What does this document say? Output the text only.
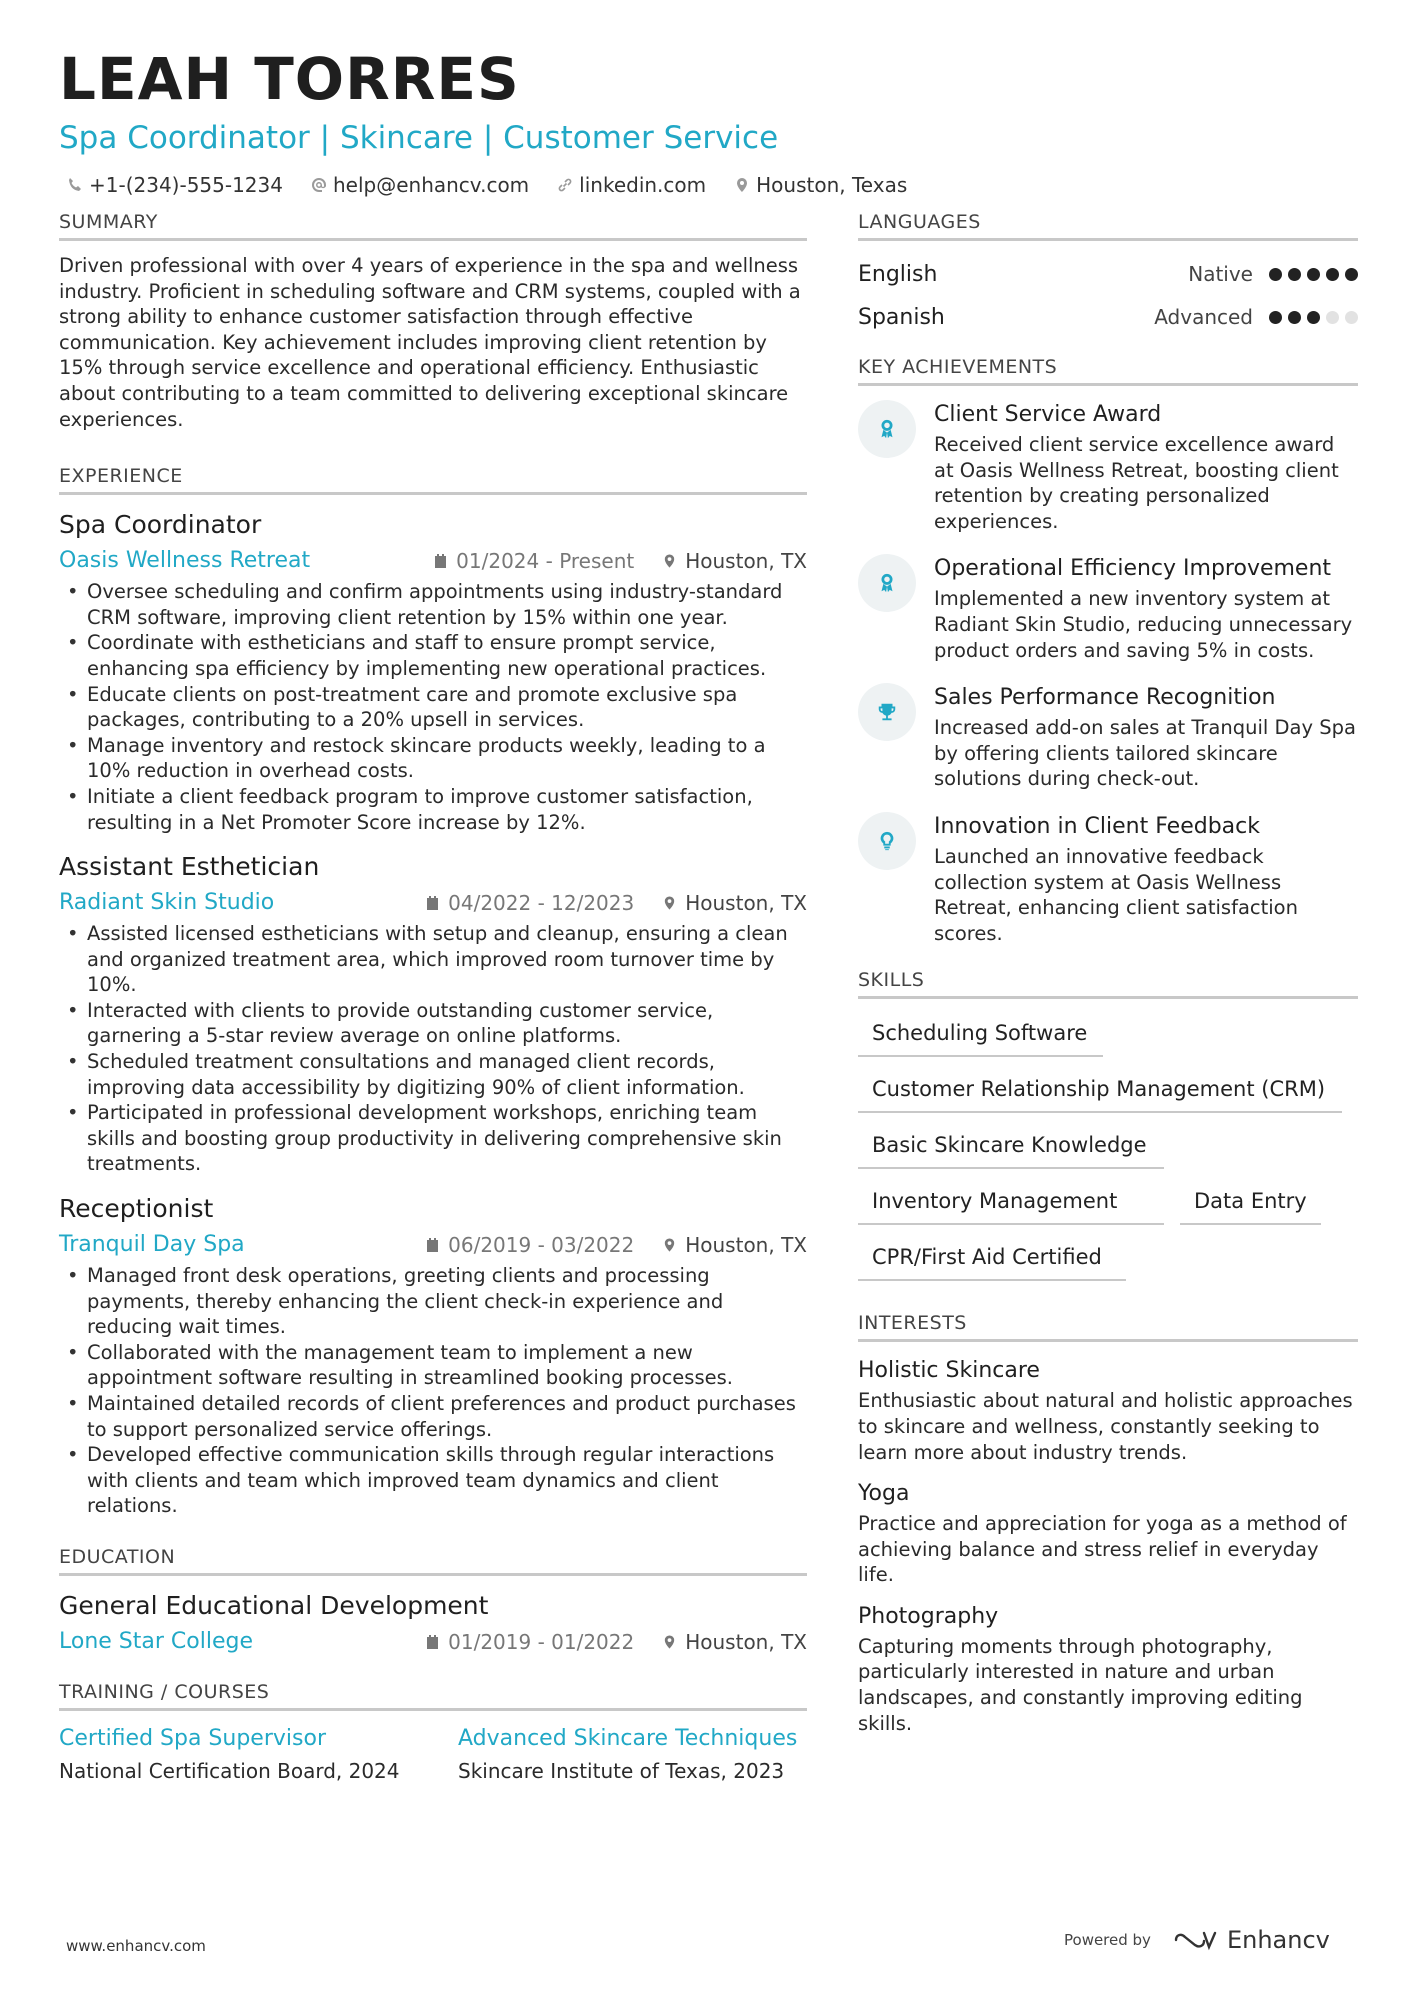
LEAH TORRES
Spa Coordinator | Skincare | Customer Service
+1-(234)-555-1234	help@enhancv.com	linkedin.com	Houston, Texas
SUMMARY
Driven professional with over 4 years of experience in the spa and wellness industry. Proficient in scheduling software and CRM systems, coupled with a strong ability to enhance customer satisfaction through effective communication. Key achievement includes improving client retention by 15% through service excellence and operational efficiency. Enthusiastic about contributing to a team committed to delivering exceptional skincare experiences.
EXPERIENCE
Spa Coordinator
Oasis Wellness Retreat	01/2024 - Present	Houston, TX
• Oversee scheduling and confirm appointments using industry-standard CRM software, improving client retention by 15% within one year.
• Coordinate with estheticians and staff to ensure prompt service, enhancing spa efficiency by implementing new operational practices.
• Educate clients on post-treatment care and promote exclusive spa packages, contributing to a 20% upsell in services.
• Manage inventory and restock skincare products weekly, leading to a 10% reduction in overhead costs.
• Initiate a client feedback program to improve customer satisfaction, resulting in a Net Promoter Score increase by 12%.
Assistant Esthetician
Radiant Skin Studio	04/2022 - 12/2023	Houston, TX
• Assisted licensed estheticians with setup and cleanup, ensuring a clean and organized treatment area, which improved room turnover time by 10%.
• Interacted with clients to provide outstanding customer service, garnering a 5-star review average on online platforms.
• Scheduled treatment consultations and managed client records, improving data accessibility by digitizing 90% of client information.
• Participated in professional development workshops, enriching team skills and boosting group productivity in delivering comprehensive skin treatments.
Receptionist
Tranquil Day Spa	06/2019 - 03/2022	Houston, TX
• Managed front desk operations, greeting clients and processing payments, thereby enhancing the client check-in experience and reducing wait times.
• Collaborated with the management team to implement a new appointment software resulting in streamlined booking processes.
• Maintained detailed records of client preferences and product purchases to support personalized service offerings.
• Developed effective communication skills through regular interactions with clients and team which improved team dynamics and client relations.
EDUCATION
General Educational Development
Lone Star College	01/2019 - 01/2022	Houston, TX
TRAINING / COURSES
Certified Spa Supervisor
National Certification Board, 2024
Advanced Skincare Techniques
Skincare Institute of Texas, 2023
LANGUAGES
English	Native
Spanish	Advanced
KEY ACHIEVEMENTS
Client Service Award
Received client service excellence award at Oasis Wellness Retreat, boosting client retention by creating personalized experiences.
Operational Efficiency Improvement
Implemented a new inventory system at Radiant Skin Studio, reducing unnecessary product orders and saving 5% in costs.
Sales Performance Recognition
Increased add-on sales at Tranquil Day Spa by offering clients tailored skincare solutions during check-out.
Innovation in Client Feedback
Launched an innovative feedback collection system at Oasis Wellness Retreat, enhancing client satisfaction scores.
SKILLS
Scheduling Software
Customer Relationship Management (CRM)
Basic Skincare Knowledge
Inventory Management	Data Entry
CPR/First Aid Certified
INTERESTS
Holistic Skincare
Enthusiastic about natural and holistic approaches to skincare and wellness, constantly seeking to learn more about industry trends.
Yoga
Practice and appreciation for yoga as a method of achieving balance and stress relief in everyday life.
Photography
Capturing moments through photography, particularly interested in nature and urban landscapes, and constantly improving editing skills.
www.enhancv.com	Powered by	Enhancv
